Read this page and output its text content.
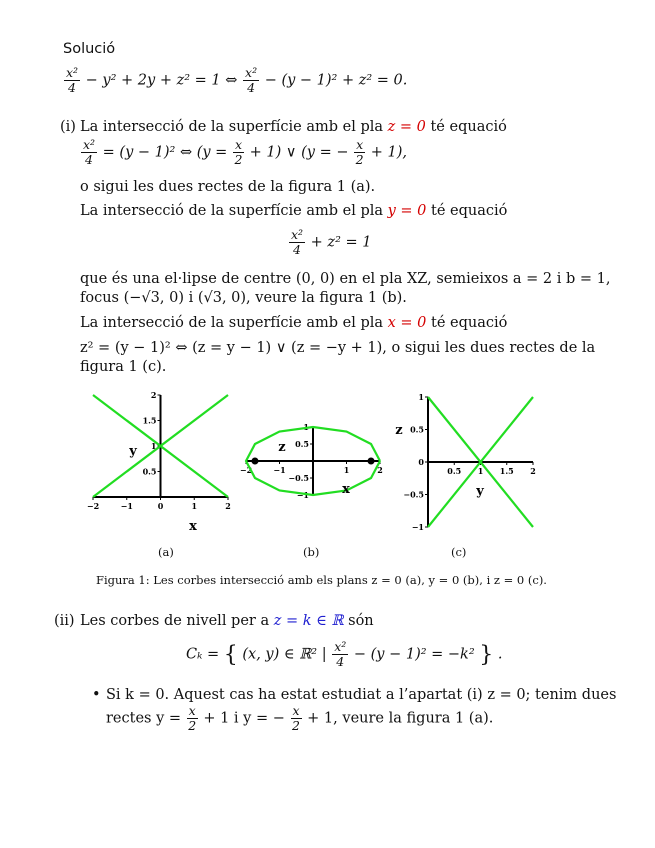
Solució
$\frac{\text{x²}}{4} - y^2 + 2y + z^2 = 1$ ⇔ $\frac{\text{x²}}{4} - (y - 1)^2 + z^2 = 0$.
(i) La intersecció de la superfície amb el pla z = 0 té equació
$\frac{\text{x²}}{4} = (y - 1)^2$ ⇔ $(y = \frac{x}{2} + 1)$ ∨ (y = − $\frac{x}{2} + 1$),
o sigui les dues rectes de la figura 1 (a).
La intersecció de la superfície amb el pla y = 0 té equació
$\frac{\text{x²}}{4} + z^2 = 1$
que és una el·lipse de centre (0, 0) en el pla XZ, semieixos a = 2 i b = 1,
focus (−√3, 0) i (√3, 0), veure la figura 1 (b).
La intersecció de la superfície amb el pla x = 0 té equació
z² = (y − 1)² ⇔ (z = y − 1) ∨ (z = −y + 1), o sigui les dues rectes de la
figura 1 (c).
−2	−1	0	1	2
2
1.5
1
0.5
x
y
−2	−1	1	2
1
0.5
−0.5
−1	x
z
0.5 1 1.5 2
1
0.5
0
−0.5
−1
y
z
(a)	(b)	(c)
Figura 1: Les corbes intersecció amb els plans z = 0 (a), y = 0 (b), i z = 0 (c).
(ii) Les corbes de nivell per a z = k ∈ ℝ són
Cₖ = { (x, y) ∈ ℝ² | $\frac{\text{x²}}{4} - (y - 1)^2 = -k^2$ } .
• Si k = 0. Aquest cas ha estat estudiat a l’apartat (i) z = 0; tenim dues
rectes $y = \frac{x}{2} + 1$ i y = − $\frac{x}{2} + 1$, veure la figura 1 (a).
